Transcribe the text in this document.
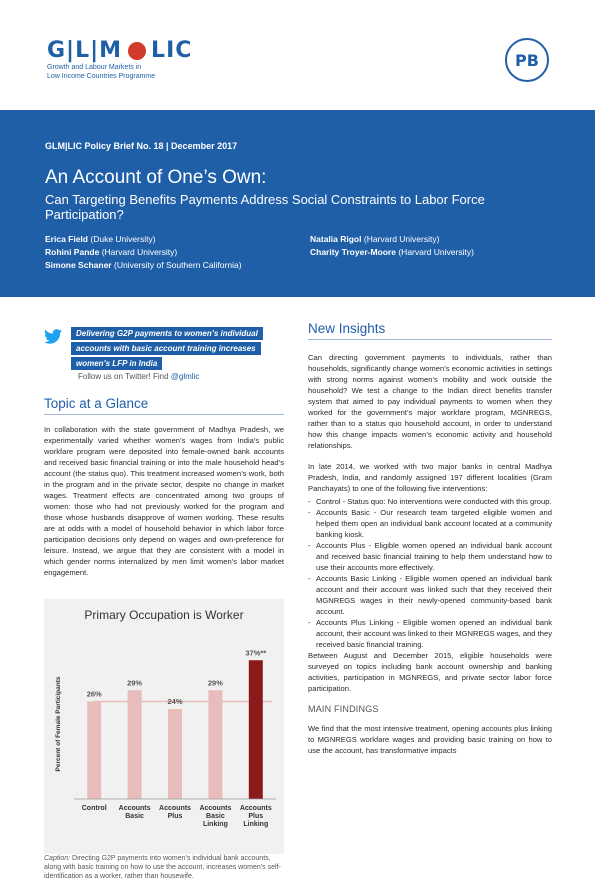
G|L|M LIC
Growth and Labour Markets in
Low Income Countries Programme
PB
GLM|LIC Policy Brief No. 18 | December 2017
An Account of One’s Own:
Can Targeting Benefits Payments Address Social Constraints to Labor Force Participation?
Erica Field (Duke University)
Rohini Pande (Harvard University)
Simone Schaner (University of Southern California)
Natalia Rigol (Harvard University)
Charity Troyer-Moore (Harvard University)
Delivering G2P payments to women’s individual
accounts with basic account training increases
women’s LFP in India
Follow us on Twitter! Find @glmlic
Topic at a Glance
In collaboration with the state government of Madhya Pradesh, we experimentally varied whether women’s wages from India’s public workfare program were deposited into female-owned bank accounts and received basic financial training or into the male household head’s account (the status quo). This treatment increased women’s work, both in the program and in the private sector, despite no change in market wages. Treatment effects are concentrated among two groups of women: those who had not previously worked for the program and those whose husbands disapprove of women working. These results are at odds with a model of household behavior in which labor force participation decisions only depend on wages and own-preference for leisure. Instead, we argue that they are consistent with a model in which gender norms internalized by men limit women’s labor market engagement.
Primary Occupation is Worker
Percent of Female Participants	26%
Control
29%
Accounts Basic
24%
Accounts Plus
29%
Accounts Basic Linking
37%**
Accounts Plus Linking
Caption: Directing G2P payments into women’s individual bank accounts, along with basic training on how to use the account, increases women’s self-identification as a worker, rather than housewife.
New Insights

Can directing government payments to individuals, rather than households, significantly change women’s economic activities in settings with strong norms against women’s mobility and work outside the household? We test a change to the Indian direct benefits transfer system that aimed to pay individual payments to women when they worked for the government’s major workfare program, MGNREGS, rather than to a status quo household account, in order to understand how this change impacts women’s economic activity and household relationships.

In late 2014, we worked with two major banks in central Madhya Pradesh, India, and randomly assigned 197 different localities (Gram Panchayats) to one of the following five interventions:

- Control - Status quo: No interventions were conducted with this group.
- Accounts Basic - Our research team targeted eligible women and helped them open an individual bank account located at a community banking kiosk.
- Accounts Plus - Eligible women opened an individual bank account and received basic financial training to help them understand how to use their accounts more effectively.
- Accounts Basic Linking - Eligible women opened an individual bank account and their account was linked such that they received their MGNREGS wages in their newly-opened community-based bank account.
- Accounts Plus Linking - Eligible women opened an individual bank account, their account was linked to their MGNREGS wages, and they received basic financial training.

Between August and December 2015, eligible households were surveyed on topics including bank account ownership and banking activities, participation in MGNREGS, and private sector labor force participation.

MAIN FINDINGS

We find that the most intensive treatment, opening accounts plus linking to MGNREGS workfare wages and providing basic training on how to use the account, has transformative impacts
